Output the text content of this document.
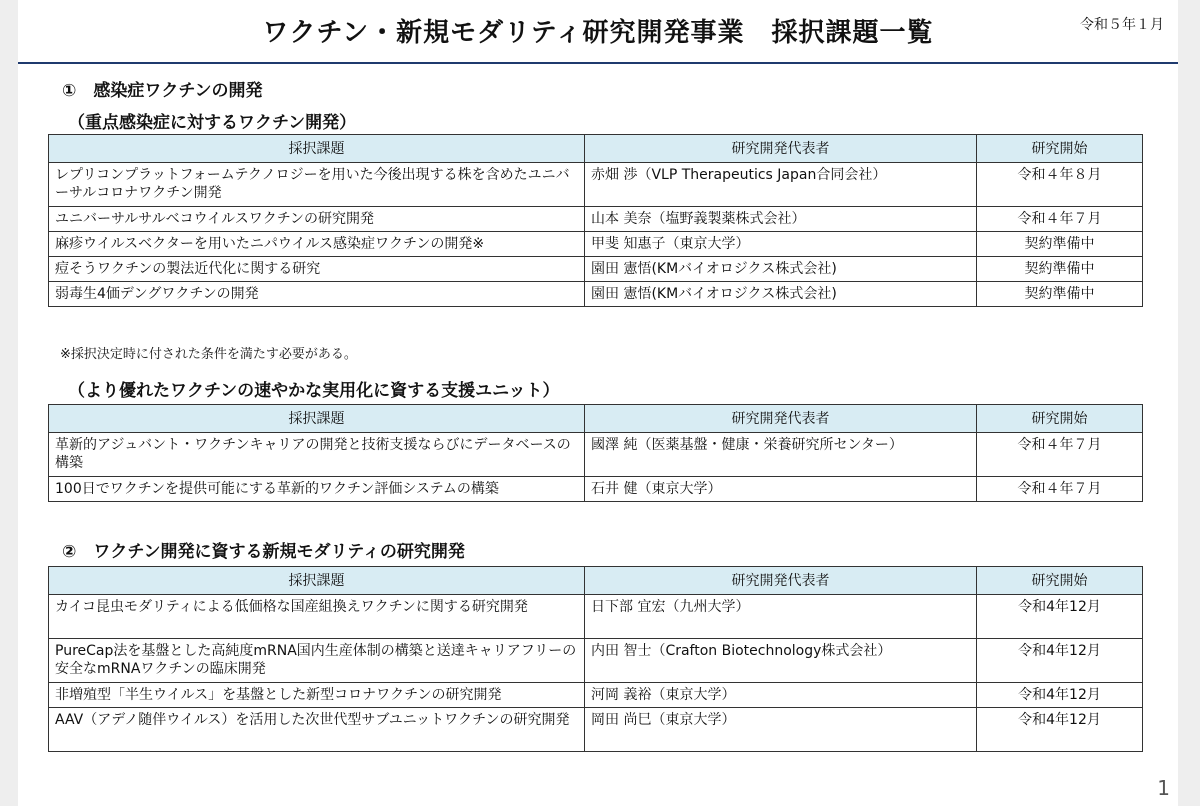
ワクチン・新規モダリティ研究開発事業　採択課題一覧	令和５年１月
①　感染症ワクチンの開発
（重点感染症に対するワクチン開発）
採択課題	研究開発代表者	研究開始
レプリコンプラットフォームテクノロジーを用いた今後出現する株を含めたユニバーサルコロナワクチン開発	赤畑 渉（VLP Therapeutics Japan合同会社）	令和４年８月
ユニバーサルサルベコウイルスワクチンの研究開発	山本 美奈（塩野義製薬株式会社）	令和４年７月
麻疹ウイルスベクターを用いたニパウイルス感染症ワクチンの開発※	甲斐 知惠子（東京大学）	契約準備中
痘そうワクチンの製法近代化に関する研究	園田 憲悟(KMバイオロジクス株式会社)	契約準備中
弱毒生4価デングワクチンの開発	園田 憲悟(KMバイオロジクス株式会社)	契約準備中
※採択決定時に付された条件を満たす必要がある。
（より優れたワクチンの速やかな実用化に資する支援ユニット）
採択課題	研究開発代表者	研究開始
革新的アジュバント・ワクチンキャリアの開発と技術支援ならびにデータベースの構築	國澤 純（医薬基盤・健康・栄養研究所センター）	令和４年７月
100日でワクチンを提供可能にする革新的ワクチン評価システムの構築	石井 健（東京大学）	令和４年７月
②　ワクチン開発に資する新規モダリティの研究開発
採択課題	研究開発代表者	研究開始
カイコ昆虫モダリティによる低価格な国産組換えワクチンに関する研究開発	日下部 宜宏（九州大学）	令和4年12月
PureCap法を基盤とした高純度mRNA国内生産体制の構築と送達キャリアフリーの安全なmRNAワクチンの臨床開発	内田 智士（Crafton Biotechnology株式会社）	令和4年12月
非増殖型「半生ウイルス」を基盤とした新型コロナワクチンの研究開発	河岡 義裕（東京大学）	令和4年12月
AAV（アデノ随伴ウイルス）を活用した次世代型サブユニットワクチンの研究開発	岡田 尚巳（東京大学）	令和4年12月
1
